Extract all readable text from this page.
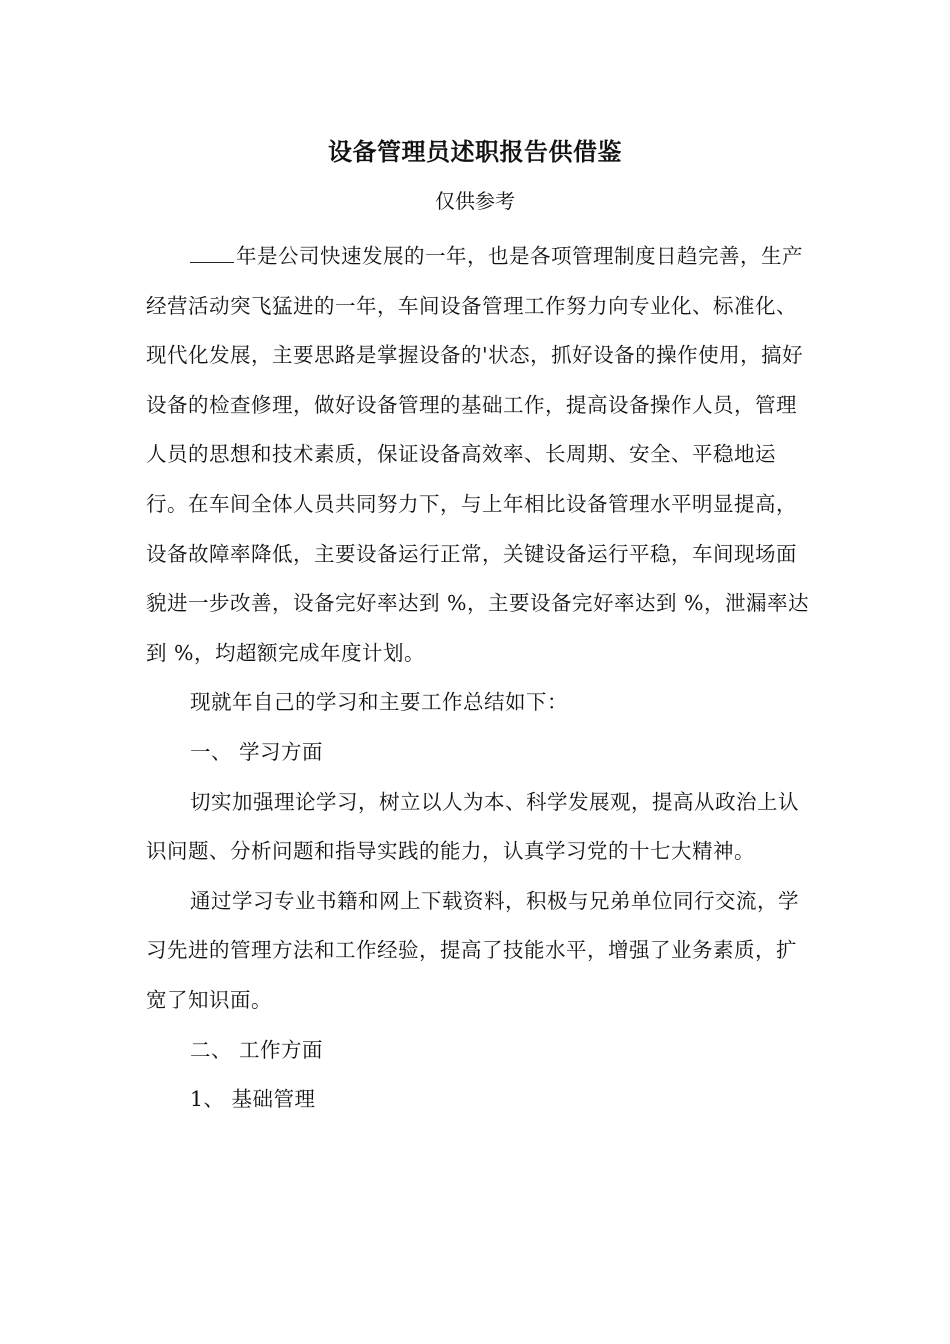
设备管理员述职报告供借鉴
仅供参考

年是公司快速发展的一年，也是各项管理制度日趋完善，生产经营活动突飞猛进的一年，车间设备管理工作努力向专业化、标准化、现代化发展，主要思路是掌握设备的'状态，抓好设备的操作使用，搞好设备的检查修理，做好设备管理的基础工作，提高设备操作人员，管理人员的思想和技术素质，保证设备高效率、长周期、安全、平稳地运行。在车间全体人员共同努力下，与上年相比设备管理水平明显提高，设备故障率降低，主要设备运行正常，关键设备运行平稳，车间现场面貌进一步改善，设备完好率达到 %，主要设备完好率达到 %，泄漏率达到 %，均超额完成年度计划。

现就年自己的学习和主要工作总结如下：

一、 学习方面

切实加强理论学习，树立以人为本、科学发展观，提高从政治上认识问题、分析问题和指导实践的能力，认真学习党的十七大精神。

通过学习专业书籍和网上下载资料，积极与兄弟单位同行交流，学习先进的管理方法和工作经验，提高了技能水平，增强了业务素质，扩宽了知识面。

二、 工作方面

1、 基础管理
